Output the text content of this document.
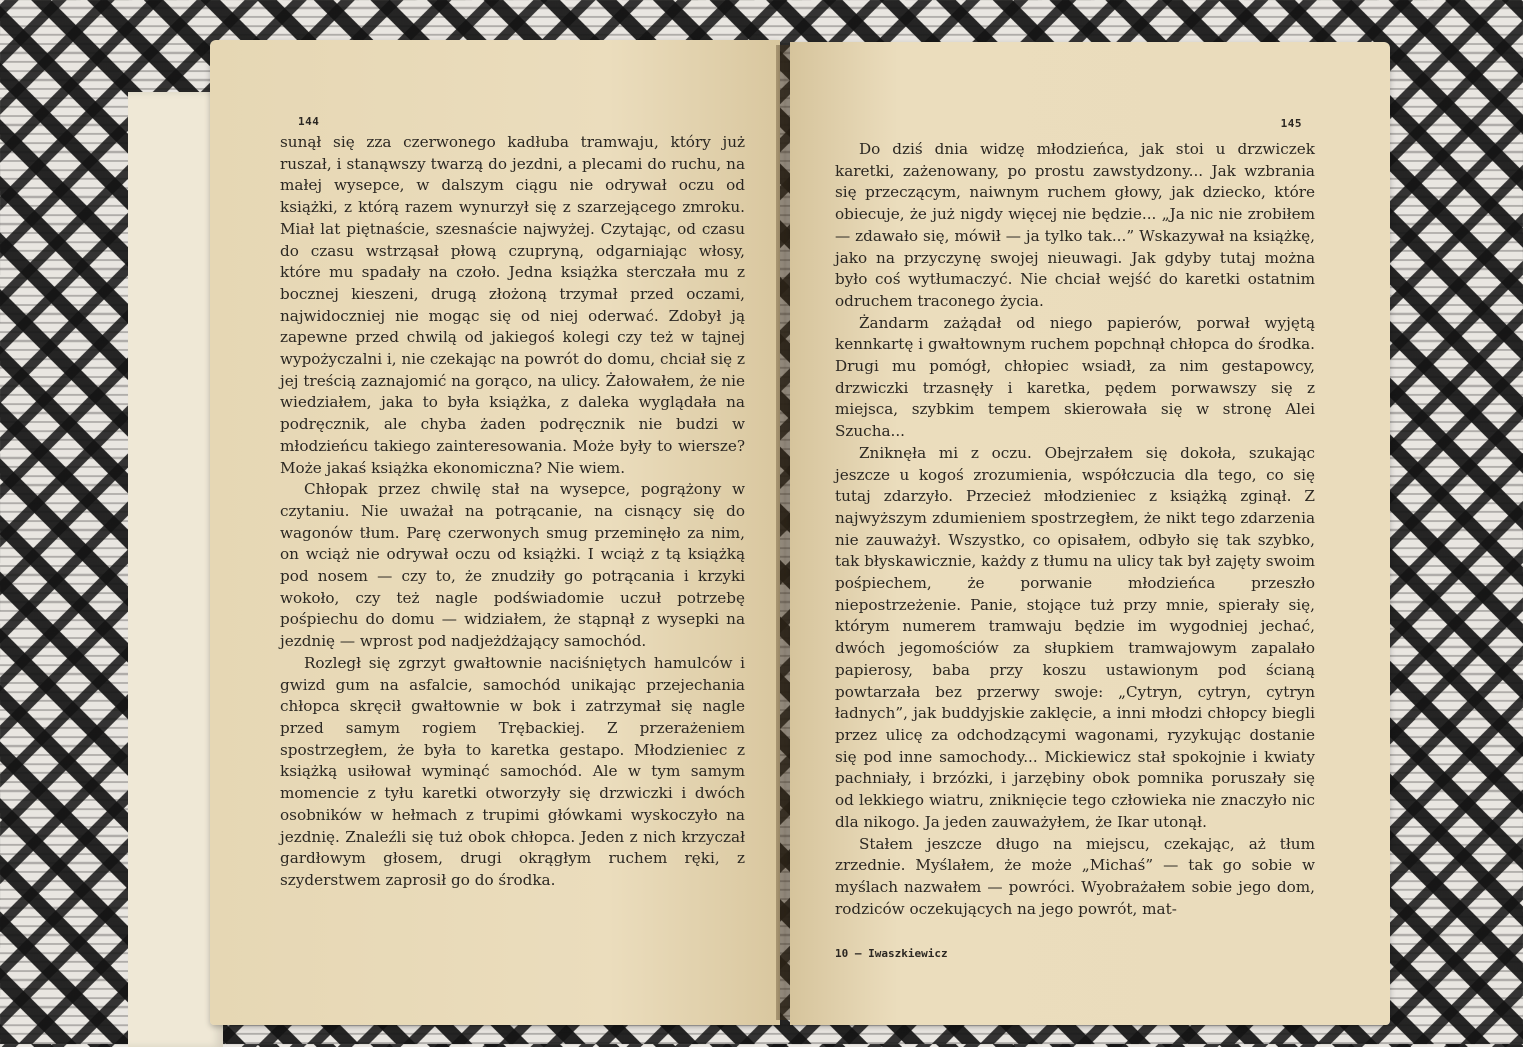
144

sunął się zza czerwonego kadłuba tramwaju, który już ruszał, i stanąwszy twarzą do jezdni, a plecami do ruchu, na małej wysepce, w dalszym ciągu nie odrywał oczu od książki, z którą razem wynurzył się z szarzejącego zmroku. Miał lat piętnaście, szesnaście najwyżej. Czytając, od czasu do czasu wstrząsał płową czupryną, odgarniając włosy, które mu spadały na czoło. Jedna książka sterczała mu z bocznej kieszeni, drugą złożoną trzymał przed oczami, najwidoczniej nie mogąc się od niej oderwać. Zdobył ją zapewne przed chwilą od jakiegoś kolegi czy też w tajnej wypożyczalni i, nie czekając na powrót do domu, chciał się z jej treścią zaznajomić na gorąco, na ulicy. Żałowałem, że nie wiedziałem, jaka to była książka, z daleka wyglądała na podręcznik, ale chyba żaden podręcznik nie budzi w młodzieńcu takiego zainteresowania. Może były to wiersze? Może jakaś książka ekonomiczna? Nie wiem.

Chłopak przez chwilę stał na wysepce, pogrążony w czytaniu. Nie uważał na potrącanie, na cisnący się do wagonów tłum. Parę czerwonych smug przeminęło za nim, on wciąż nie odrywał oczu od książki. I wciąż z tą książką pod nosem — czy to, że znudziły go potrącania i krzyki wokoło, czy też nagle podświadomie uczuł potrzebę pośpiechu do domu — widziałem, że stąpnął z wysepki na jezdnię — wprost pod nadjeżdżający samochód.

Rozległ się zgrzyt gwałtownie naciśniętych hamulców i gwizd gum na asfalcie, samochód unikając przejechania chłopca skręcił gwałtownie w bok i zatrzymał się nagle przed samym rogiem Trębackiej. Z przerażeniem spostrzegłem, że była to karetka gestapo. Młodzieniec z książką usiłował wyminąć samochód. Ale w tym samym momencie z tyłu karetki otworzyły się drzwiczki i dwóch osobników w hełmach z trupimi główkami wyskoczyło na jezdnię. Znaleźli się tuż obok chłopca. Jeden z nich krzyczał gardłowym głosem, drugi okrągłym ruchem ręki, z szyderstwem zaprosił go do środka.

145

Do dziś dnia widzę młodzieńca, jak stoi u drzwiczek karetki, zażenowany, po prostu zawstydzony... Jak wzbrania się przeczącym, naiwnym ruchem głowy, jak dziecko, które obiecuje, że już nigdy więcej nie będzie... „Ja nic nie zrobiłem — zdawało się, mówił — ja tylko tak...” Wskazywał na książkę, jako na przyczynę swojej nieuwagi. Jak gdyby tutaj można było coś wytłumaczyć. Nie chciał wejść do karetki ostatnim odruchem traconego życia.

Żandarm zażądał od niego papierów, porwał wyjętą kennkartę i gwałtownym ruchem popchnął chłopca do środka. Drugi mu pomógł, chłopiec wsiadł, za nim gestapowcy, drzwiczki trzasnęły i karetka, pędem porwawszy się z miejsca, szybkim tempem skierowała się w stronę Alei Szucha...

Zniknęła mi z oczu. Obejrzałem się dokoła, szukając jeszcze u kogoś zrozumienia, współczucia dla tego, co się tutaj zdarzyło. Przecież młodzieniec z książką zginął. Z najwyższym zdumieniem spostrzegłem, że nikt tego zdarzenia nie zauważył. Wszystko, co opisałem, odbyło się tak szybko, tak błyskawicznie, każdy z tłumu na ulicy tak był zajęty swoim pośpiechem, że porwanie młodzieńca przeszło niepostrzeżenie. Panie, stojące tuż przy mnie, spierały się, którym numerem tramwaju będzie im wygodniej jechać, dwóch jegomościów za słupkiem tramwajowym zapalało papierosy, baba przy koszu ustawionym pod ścianą powtarzała bez przerwy swoje: „Cytryn, cytryn, cytryn ładnych”, jak buddyjskie zaklęcie, a inni młodzi chłopcy biegli przez ulicę za odchodzącymi wagonami, ryzykując dostanie się pod inne samochody... Mickiewicz stał spokojnie i kwiaty pachniały, i brzózki, i jarzębiny obok pomnika poruszały się od lekkiego wiatru, zniknięcie tego człowieka nie znaczyło nic dla nikogo. Ja jeden zauważyłem, że Ikar utonął.

Stałem jeszcze długo na miejscu, czekając, aż tłum zrzednie. Myślałem, że może „Michaś” — tak go sobie w myślach nazwałem — powróci. Wyobrażałem sobie jego dom, rodziców oczekujących na jego powrót, mat-

10 — Iwaszkiewicz
